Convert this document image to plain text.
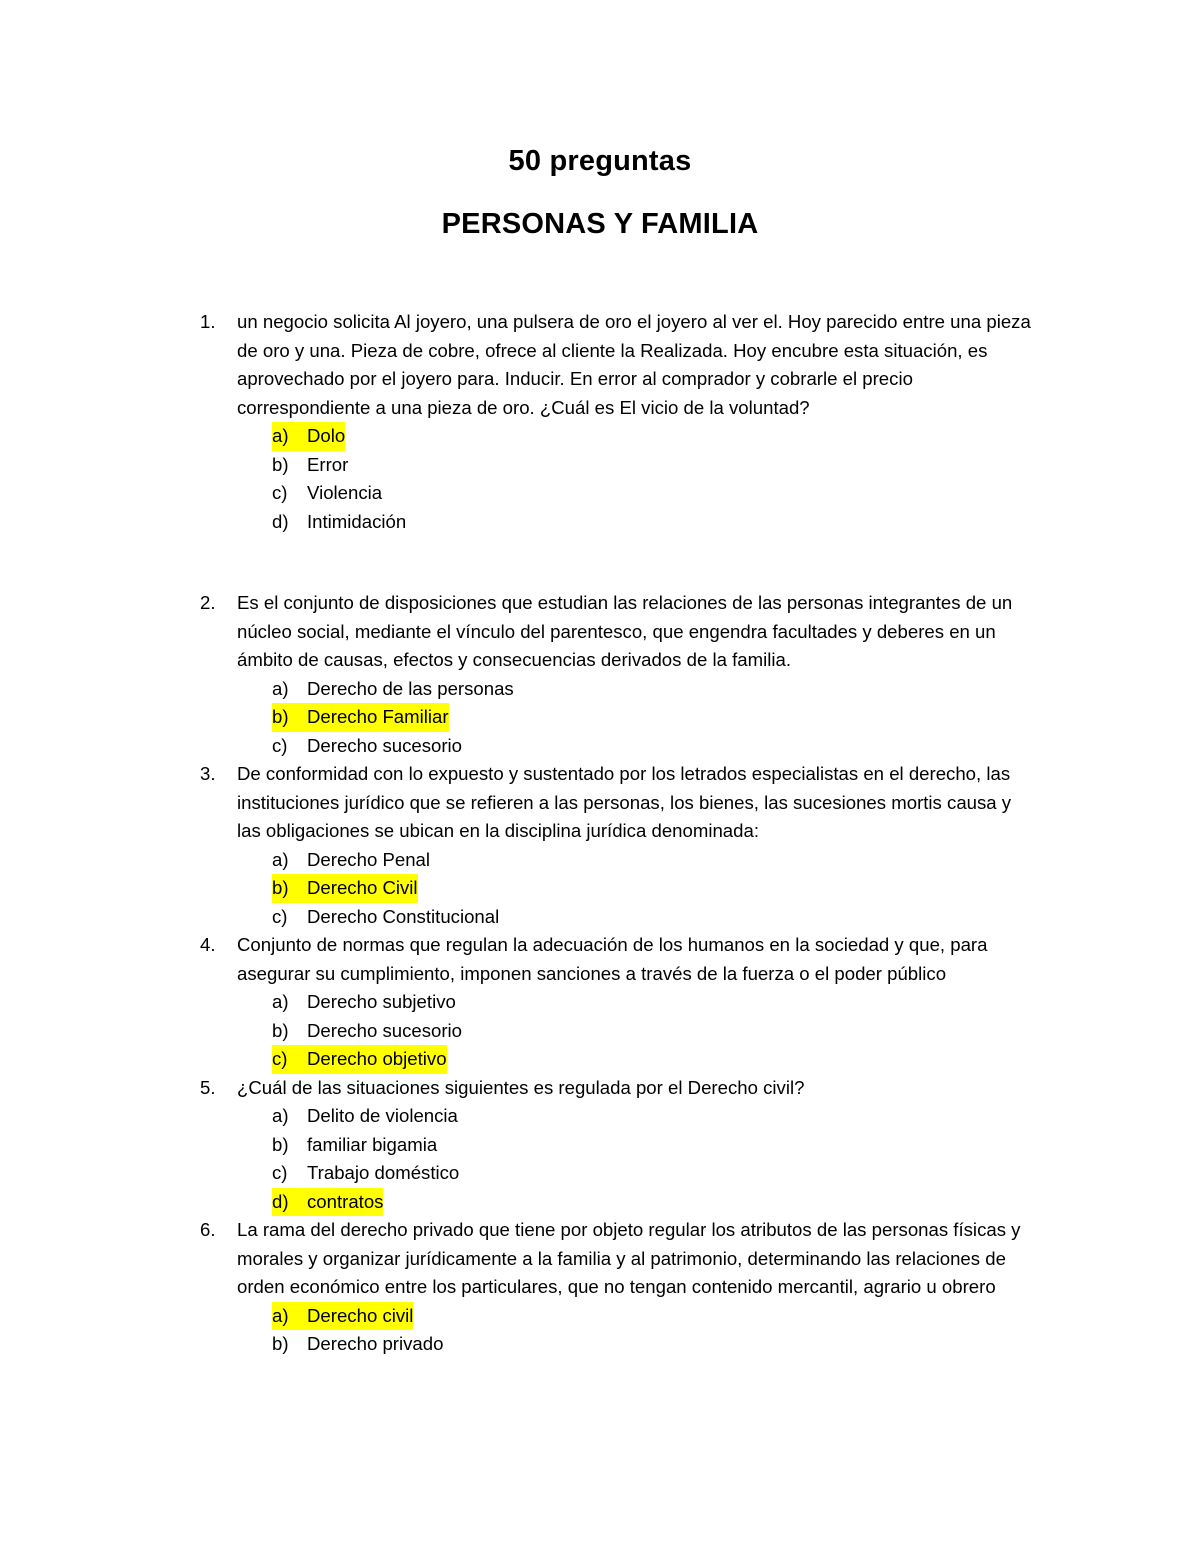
50 preguntas
PERSONAS Y FAMILIA
1.	un negocio solicita Al joyero, una pulsera de oro el joyero al ver el. Hoy parecido entre una pieza de oro y una. Pieza de cobre, ofrece al cliente la Realizada. Hoy encubre esta situación, es aprovechado por el joyero para. Inducir. En error al comprador y cobrarle el precio correspondiente a una pieza de oro. ¿Cuál es El vicio de la voluntad?
a) Dolo
b) Error
c)	Violencia
d) Intimidación
2.	Es el conjunto de disposiciones que estudian las relaciones de las personas integrantes de un núcleo social, mediante el vínculo del parentesco, que engendra facultades y deberes en un ámbito de causas, efectos y consecuencias derivados de la familia.
a) Derecho de las personas
b) Derecho Familiar
c)	Derecho sucesorio
3.	De conformidad con lo expuesto y sustentado por los letrados especialistas en el derecho, las instituciones jurídico que se refieren a las personas, los bienes, las sucesiones mortis causa y las obligaciones se ubican en la disciplina jurídica denominada:
a) Derecho Penal
b) Derecho Civil
c)	Derecho Constitucional
4.	Conjunto de normas que regulan la adecuación de los humanos en la sociedad y que, para asegurar su cumplimiento, imponen sanciones a través de la fuerza o el poder público
a) Derecho subjetivo
b) Derecho sucesorio
c)	Derecho objetivo
5.	¿Cuál de las situaciones siguientes es regulada por el Derecho civil?
a) Delito de violencia
b) familiar bigamia
c)	Trabajo doméstico
d) contratos
6.	La rama del derecho privado que tiene por objeto regular los atributos de las personas físicas y morales y organizar jurídicamente a la familia y al patrimonio, determinando las relaciones de orden económico entre los particulares, que no tengan contenido mercantil, agrario u obrero
a) Derecho civil
b) Derecho privado
